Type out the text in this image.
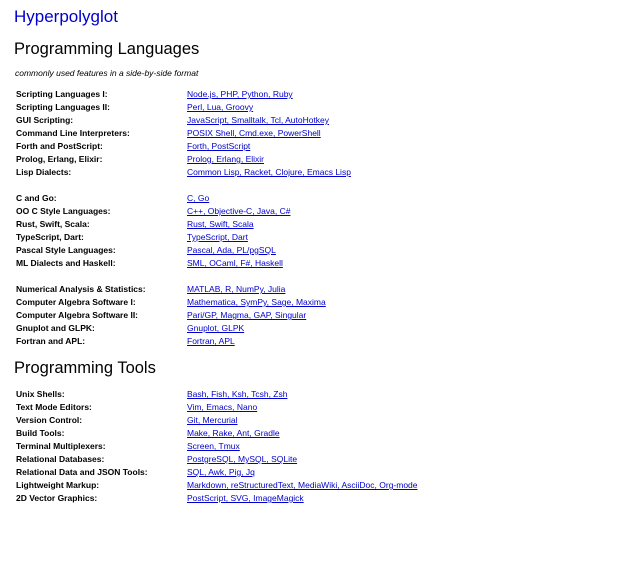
Hyperpolyglot
Programming Languages

commonly used features in a side-by-side format

Scripting Languages I:	Node.js, PHP, Python, Ruby
Scripting Languages II:	Perl, Lua, Groovy
GUI Scripting:	JavaScript, Smalltalk, Tcl, AutoHotkey
Command Line Interpreters:	POSIX Shell, Cmd.exe, PowerShell
Forth and PostScript:	Forth, PostScript
Prolog, Erlang, Elixir:	Prolog, Erlang, Elixir
Lisp Dialects:	Common Lisp, Racket, Clojure, Emacs Lisp
C and Go:	C, Go
OO C Style Languages:	C++, Objective-C, Java, C#
Rust, Swift, Scala:	Rust, Swift, Scala
TypeScript, Dart:	TypeScript, Dart
Pascal Style Languages:	Pascal, Ada, PL/pgSQL
ML Dialects and Haskell:	SML, OCaml, F#, Haskell
Numerical Analysis & Statistics:	MATLAB, R, NumPy, Julia
Computer Algebra Software I:	Mathematica, SymPy, Sage, Maxima
Computer Algebra Software II:	Pari/GP, Magma, GAP, Singular
Gnuplot and GLPK:	Gnuplot, GLPK
Fortran and APL:	Fortran, APL
Programming Tools
Unix Shells:	Bash, Fish, Ksh, Tcsh, Zsh
Text Mode Editors:	Vim, Emacs, Nano
Version Control:	Git, Mercurial
Build Tools:	Make, Rake, Ant, Gradle
Terminal Multiplexers:	Screen, Tmux
Relational Databases:	PostgreSQL, MySQL, SQLite
Relational Data and JSON Tools:	SQL, Awk, Pig, Jq
Lightweight Markup:	Markdown, reStructuredText, MediaWiki, AsciiDoc, Org-mode
2D Vector Graphics:	PostScript, SVG, ImageMagick
